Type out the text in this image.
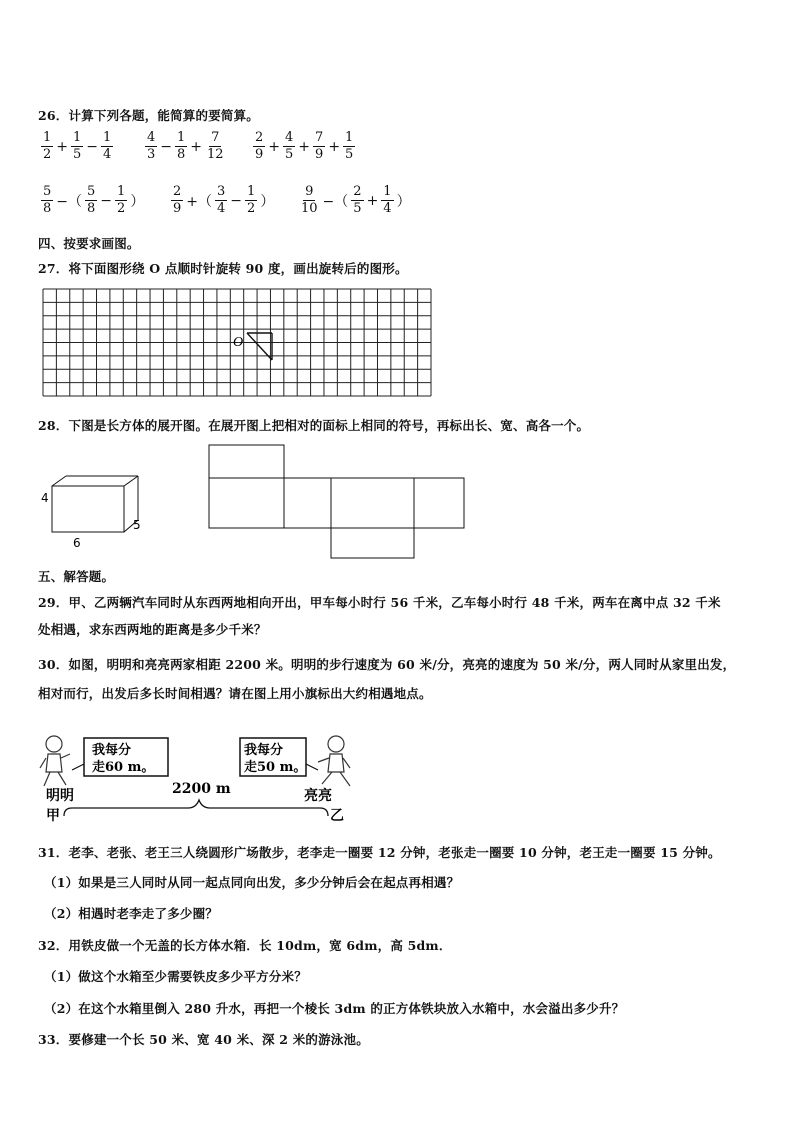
26．计算下列各题，能简算的要简算。
$\frac{1}{2} + \frac{1}{5} - \frac{1}{4} \frac{4}{3} - \frac{1}{8} + \frac{7}{12} \frac{2}{9} + \frac{4}{5} + \frac{7}{9} + \frac{1}{5}$
$\frac{5}{8}$ −（ $\frac{5}{8} - \frac{1}{2}$ ） $\frac{2}{9}$ +（ $\frac{3}{4} - \frac{1}{2}$ ） $\frac{9}{10}$ −（ $\frac{2}{5} + \frac{1}{4}$ ）
四、按要求画图。
27．将下面图形绕 O 点顺时针旋转 90 度，画出旋转后的图形。
O
28．下图是长方体的展开图。在展开图上把相对的面标上相同的符号，再标出长、宽、高各一个。
4
6
5
五、解答题。
29．甲、乙两辆汽车同时从东西两地相向开出，甲车每小时行 56 千米，乙车每小时行 48 千米，两车在离中点 32 千米
处相遇，求东西两地的距离是多少千米？
30．如图，明明和亮亮两家相距 2200 米。明明的步行速度为 60 米/分，亮亮的速度为 50 米/分，两人同时从家里出发，
相对而行，出发后多长时间相遇？请在图上用小旗标出大约相遇地点。
我每分
走60 m。
我每分
走50 m。
2200 m
明明	亮亮
甲	乙
31．老李、老张、老王三人绕圆形广场散步，老李走一圈要 12 分钟，老张走一圈要 10 分钟，老王走一圈要 15 分钟。
（1）如果是三人同时从同一起点同向出发，多少分钟后会在起点再相遇？
（2）相遇时老李走了多少圈？
32．用铁皮做一个无盖的长方体水箱．长 10dm，宽 6dm，高 5dm．
（1）做这个水箱至少需要铁皮多少平方分米？
（2）在这个水箱里倒入 280 升水，再把一个棱长 3dm 的正方体铁块放入水箱中，水会溢出多少升？
33．要修建一个长 50 米、宽 40 米、深 2 米的游泳池。
